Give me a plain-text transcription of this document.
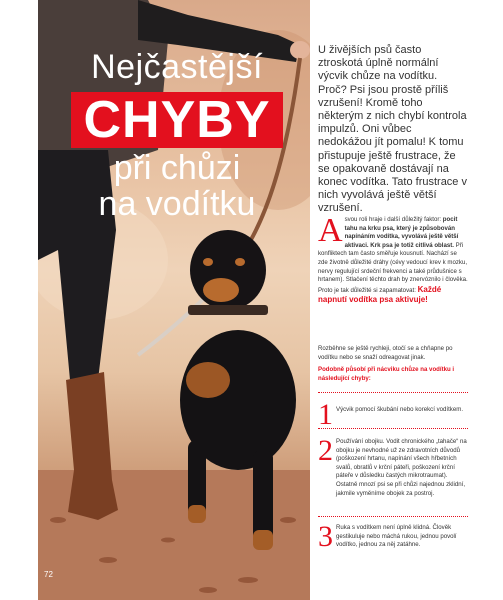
Nejčastější
CHYBY
při chůzi
na vodítku
72
U živějších psů často ztroskotá úplně normální výcvik chůze na vodítku. Proč? Psi jsou prostě příliš vzrušení! Kromě toho některým z nich chybí kontrola impulzů. Oni vůbec nedokážou jít pomalu! K tomu přistupuje ještě frustrace, že se opakovaně dostávají na konec vodítka. Tato frustrace v nich vyvolává ještě větší vzrušení.
A svou roli hraje i další důležitý faktor: pocit tahu na krku psa, který je způsobován napínáním vodítka, vyvolává ještě větší aktivaci. Krk psa je totiž citlivá oblast. Při konfliktech tam často směřuje kousnutí. Nachází se zde životně důležité dráhy (cévy vedoucí krev k mozku, nervy regulující srdeční frekvenci a také průdušnice s hrtanem). Stlačení těchto drah by znervóznilo i člověka. Proto je tak důležité si zapamatovat: Každé napnutí vodítka psa aktivuje!
Rozběhne se ještě rychleji, otočí se a chňapne po vodítku nebo se snaží odreagovat jinak.
Podobně působí při nácviku chůze na vodítku i následující chyby:
1 Výcvik pomocí škubání nebo korekcí vodítkem.
2 Používání obojku. Vodit chronického „tahače“ na obojku je nevhodné už ze zdravotních důvodů (poškození hrtanu, napínání všech hřbetních svalů, obratlů v krční páteři, poškození krční páteře v důsledku častých mikrotraumat). Ostatně mnozí psi se při chůzi najednou zklidní, jakmile vyměníme obojek za postroj.
3 Ruka s vodítkem není úplně klidná. Člověk gestikuluje nebo máchá rukou, jednou povolí vodítko, jednou za něj zatáhne.
